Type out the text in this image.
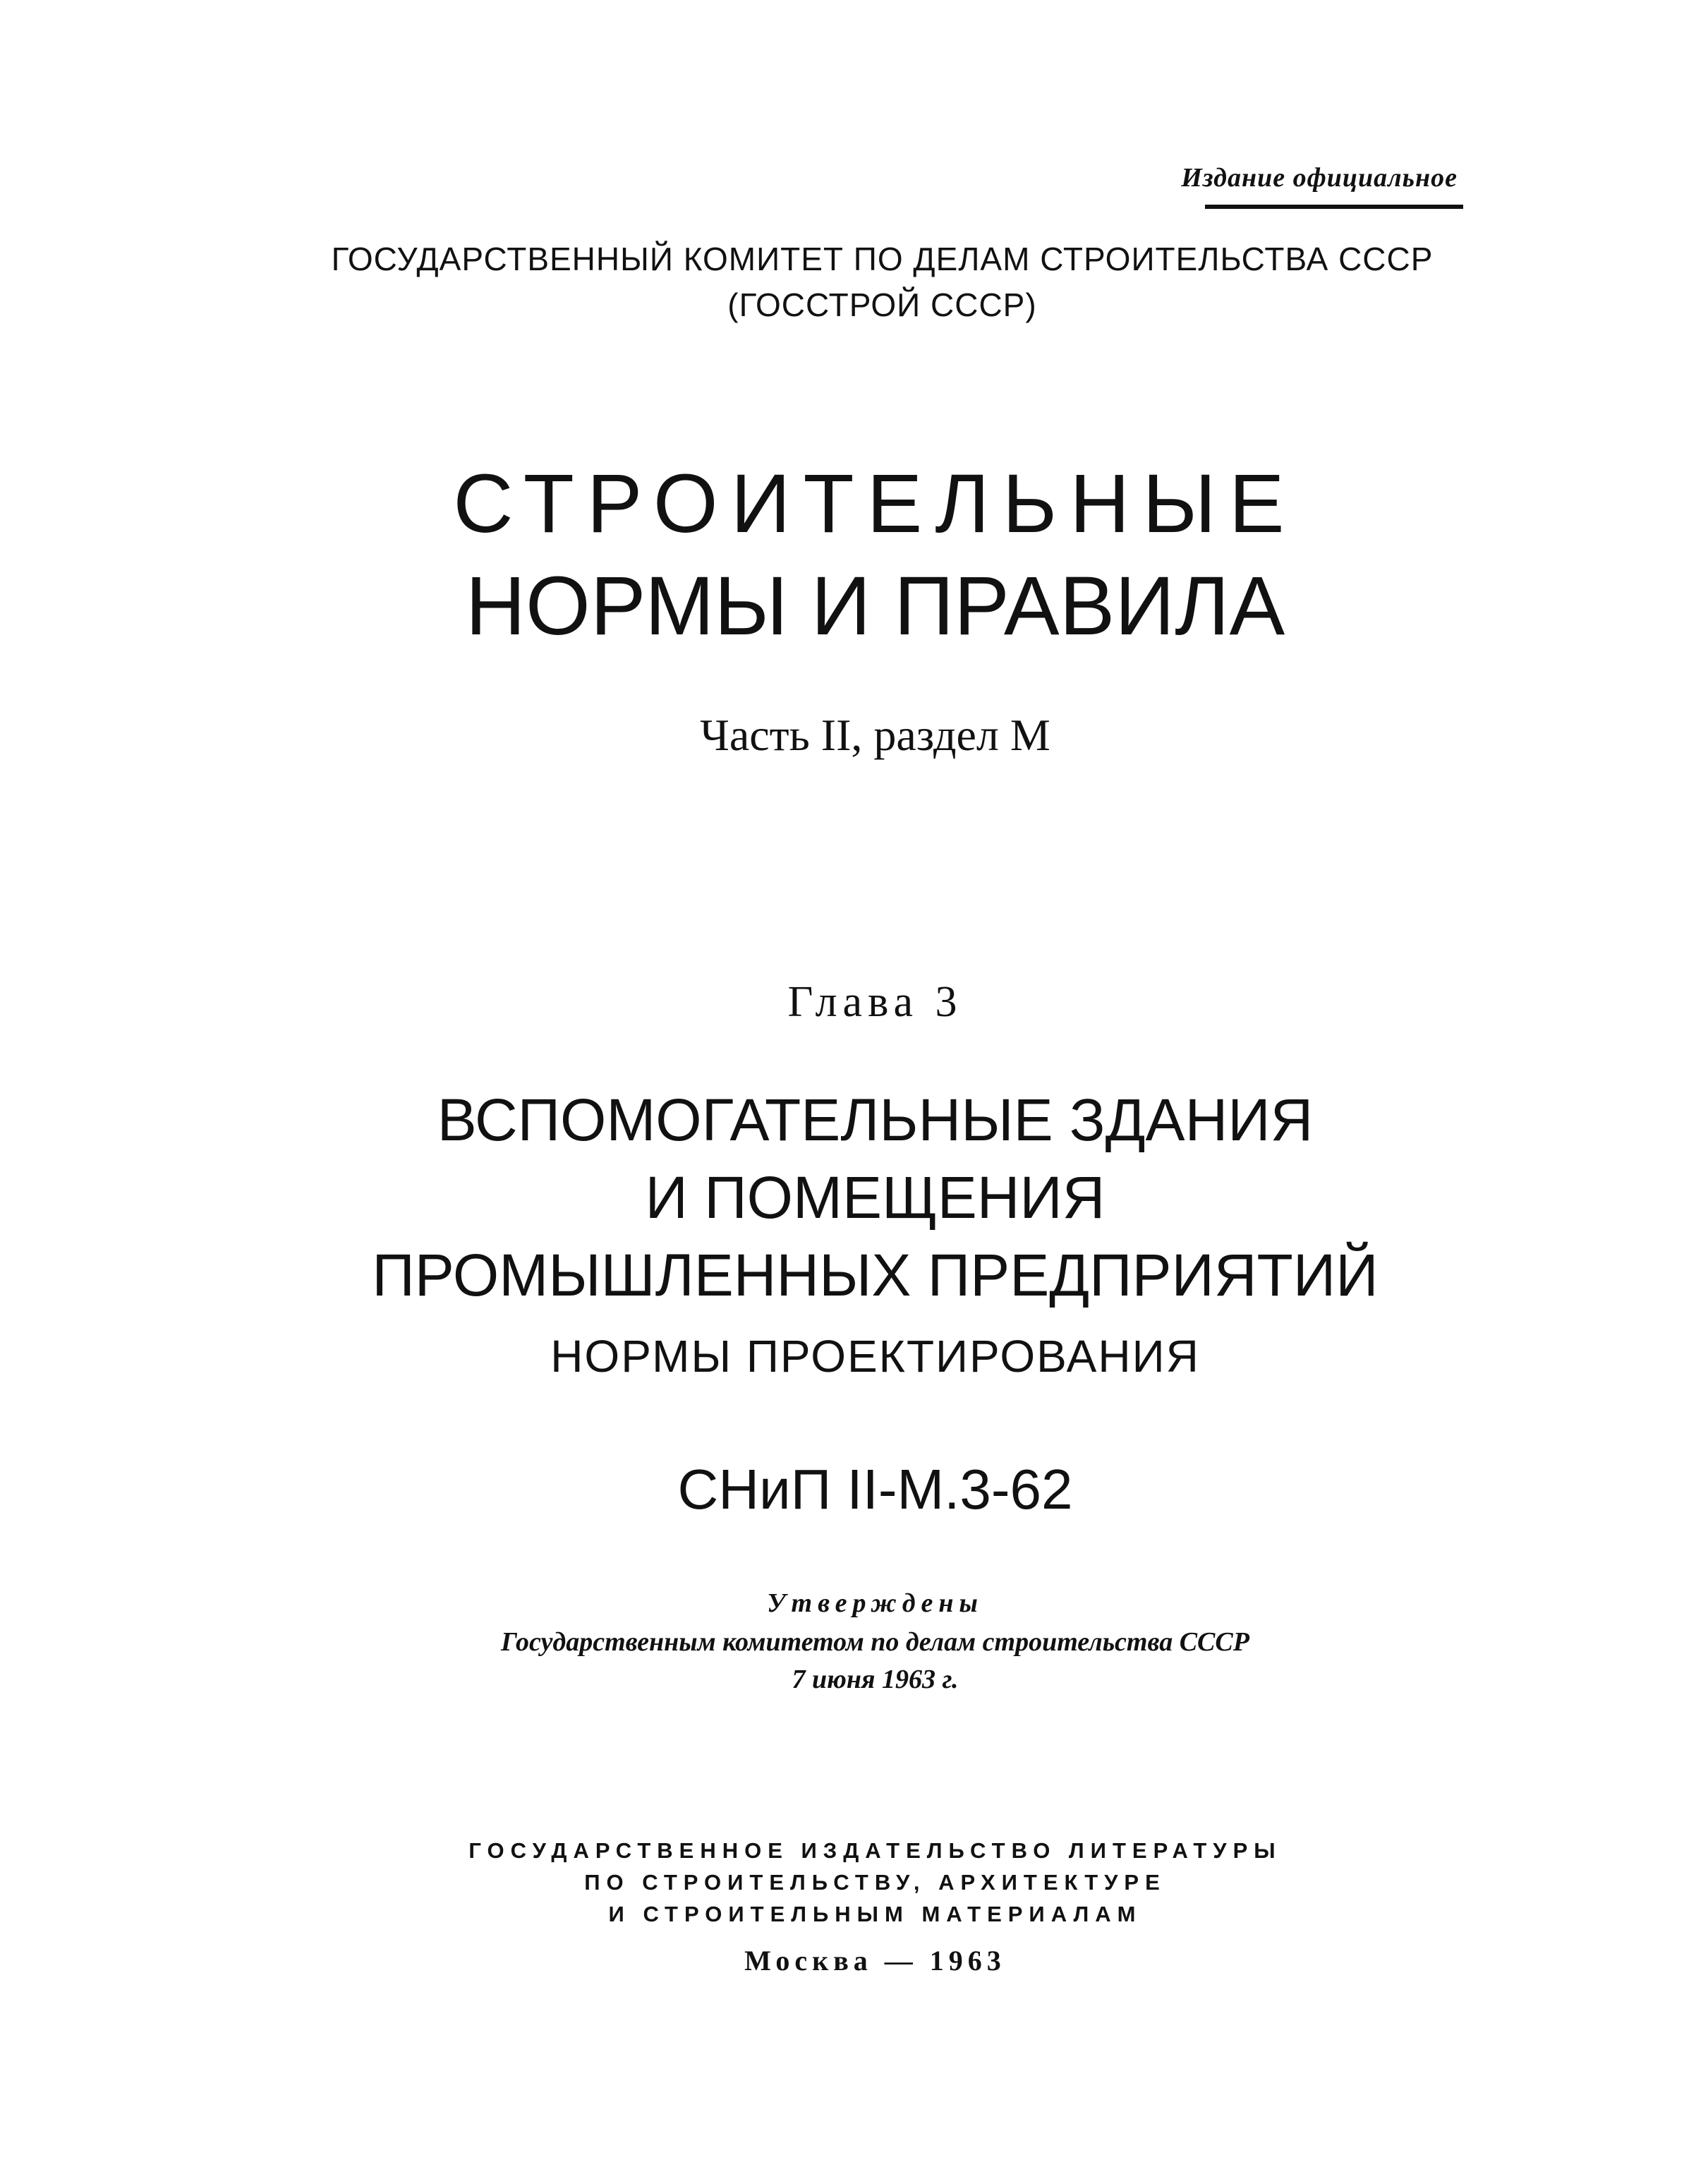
Издание официальное

ГОСУДАРСТВЕННЫЙ КОМИТЕТ ПО ДЕЛАМ СТРОИТЕЛЬСТВА СССР

(ГОССТРОЙ СССР)

СТРОИТЕЛЬНЫЕ
НОРМЫ И ПРАВИЛА

Часть II, раздел М

Глава 3

ВСПОМОГАТЕЛЬНЫЕ ЗДАНИЯ
И ПОМЕЩЕНИЯ
ПРОМЫШЛЕННЫХ ПРЕДПРИЯТИЙ

НОРМЫ ПРОЕКТИРОВАНИЯ

СНиП II-М.3-62

Утверждены

Государственным комитетом по делам строительства СССР

7 июня 1963 г.

ГОСУДАРСТВЕННОЕ ИЗДАТЕЛЬСТВО ЛИТЕРАТУРЫ

ПО СТРОИТЕЛЬСТВУ, АРХИТЕКТУРЕ

И СТРОИТЕЛЬНЫМ МАТЕРИАЛАМ

Москва — 1963
